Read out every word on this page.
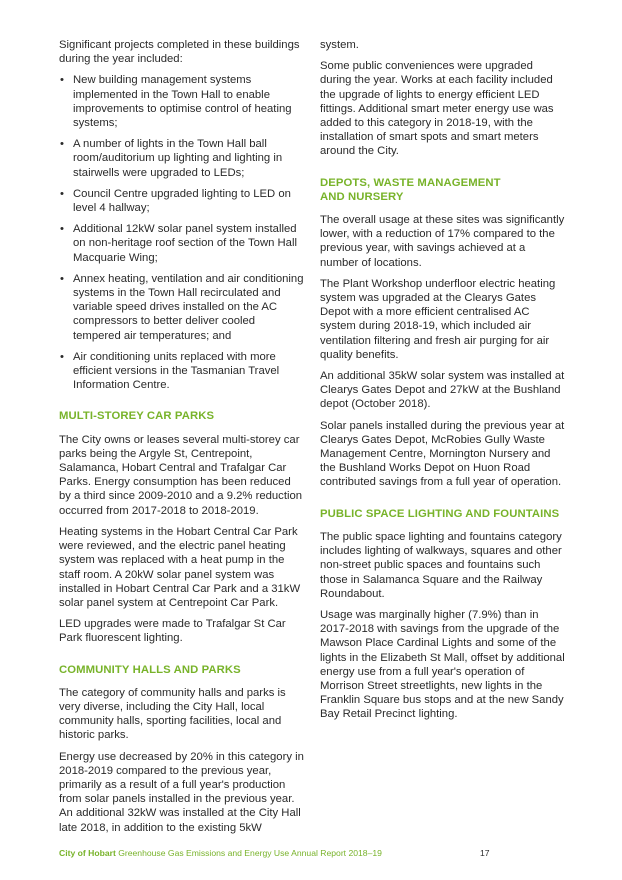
Significant projects completed in these buildings during the year included:

• New building management systems implemented in the Town Hall to enable improvements to optimise control of heating systems;
• A number of lights in the Town Hall ball room/auditorium up lighting and lighting in stairwells were upgraded to LEDs;
• Council Centre upgraded lighting to LED on level 4 hallway;
• Additional 12kW solar panel system installed on non-heritage roof section of the Town Hall Macquarie Wing;
• Annex heating, ventilation and air conditioning systems in the Town Hall recirculated and variable speed drives installed on the AC compressors to better deliver cooled tempered air temperatures; and
• Air conditioning units replaced with more efficient versions in the Tasmanian Travel Information Centre.
MULTI-STOREY CAR PARKS

The City owns or leases several multi-storey car parks being the Argyle St, Centrepoint, Salamanca, Hobart Central and Trafalgar Car Parks. Energy consumption has been reduced by a third since 2009-2010 and a 9.2% reduction occurred from 2017-2018 to 2018-2019.

Heating systems in the Hobart Central Car Park were reviewed, and the electric panel heating system was replaced with a heat pump in the staff room. A 20kW solar panel system was installed in Hobart Central Car Park and a 31kW solar panel system at Centrepoint Car Park.

LED upgrades were made to Trafalgar St Car Park fluorescent lighting.

COMMUNITY HALLS AND PARKS

The category of community halls and parks is very diverse, including the City Hall, local community halls, sporting facilities, local and historic parks.

Energy use decreased by 20% in this category in 2018-2019 compared to the previous year, primarily as a result of a full year's production from solar panels installed in the previous year. An additional 32kW was installed at the City Hall late 2018, in addition to the existing 5kW

system.

Some public conveniences were upgraded during the year. Works at each facility included the upgrade of lights to energy efficient LED fittings. Additional smart meter energy use was added to this category in 2018-19, with the installation of smart spots and smart meters around the City.

DEPOTS, WASTE MANAGEMENT
AND NURSERY

The overall usage at these sites was significantly lower, with a reduction of 17% compared to the previous year, with savings achieved at a number of locations.

The Plant Workshop underfloor electric heating system was upgraded at the Clearys Gates Depot with a more efficient centralised AC system during 2018-19, which included air ventilation filtering and fresh air purging for air quality benefits.

An additional 35kW solar system was installed at Clearys Gates Depot and 27kW at the Bushland depot (October 2018).

Solar panels installed during the previous year at Clearys Gates Depot, McRobies Gully Waste Management Centre, Mornington Nursery and the Bushland Works Depot on Huon Road contributed savings from a full year of operation.

PUBLIC SPACE LIGHTING AND FOUNTAINS

The public space lighting and fountains category includes lighting of walkways, squares and other non-street public spaces and fountains such those in Salamanca Square and the Railway Roundabout.

Usage was marginally higher (7.9%) than in 2017-2018 with savings from the upgrade of the Mawson Place Cardinal Lights and some of the lights in the Elizabeth St Mall, offset by additional energy use from a full year's operation of Morrison Street streetlights, new lights in the Franklin Square bus stops and at the new Sandy Bay Retail Precinct lighting.

City of Hobart Greenhouse Gas Emissions and Energy Use Annual Report 2018–19	17
